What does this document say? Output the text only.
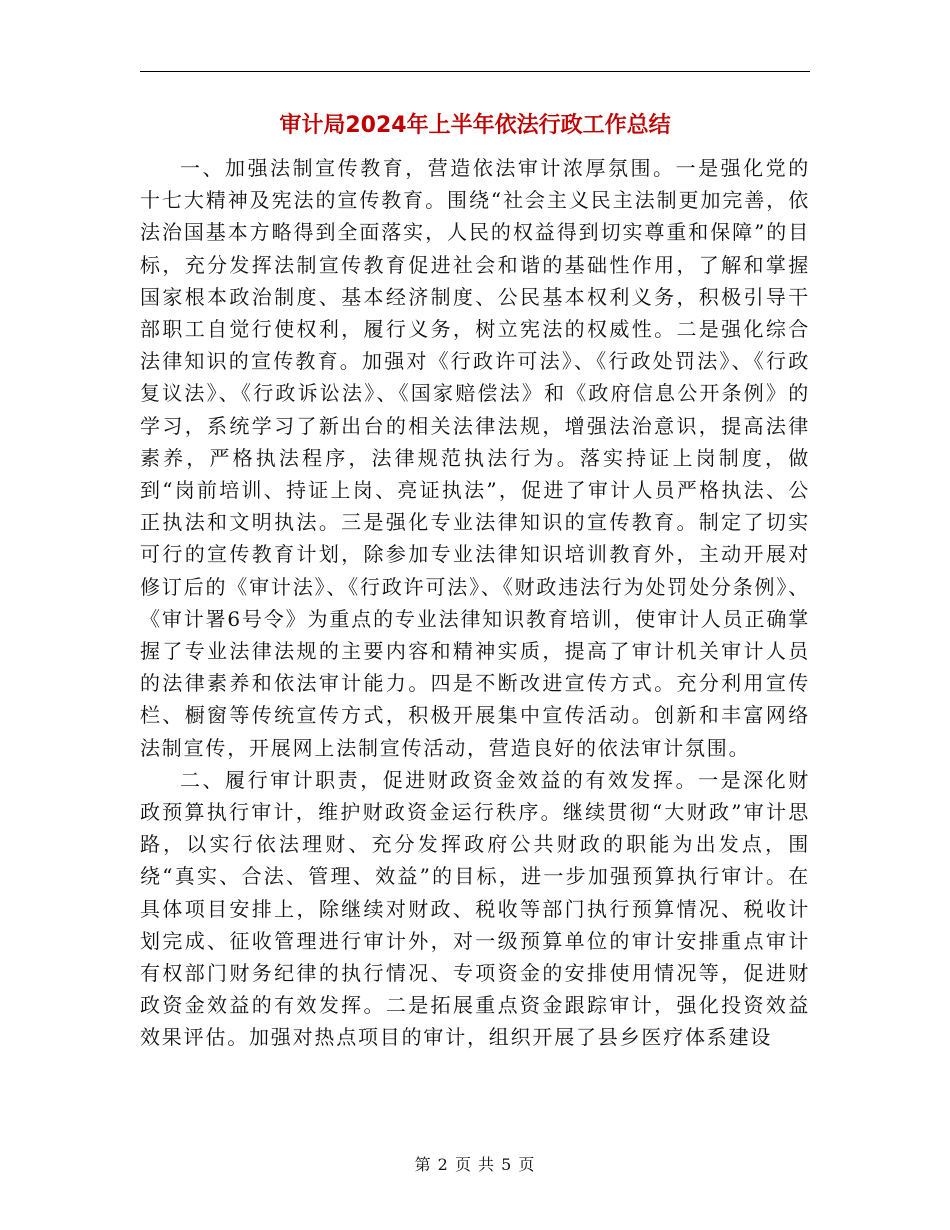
审计局2024年上半年依法行政工作总结

一、加强法制宣传教育，营造依法审计浓厚氛围。一是强化党的十七大精神及宪法的宣传教育。围绕“社会主义民主法制更加完善，依法治国基本方略得到全面落实，人民的权益得到切实尊重和保障”的目标，充分发挥法制宣传教育促进社会和谐的基础性作用，了解和掌握国家根本政治制度、基本经济制度、公民基本权利义务，积极引导干部职工自觉行使权利，履行义务，树立宪法的权威性。二是强化综合法律知识的宣传教育。加强对《行政许可法》、《行政处罚法》、《行政复议法》、《行政诉讼法》、《国家赔偿法》和《政府信息公开条例》的学习，系统学习了新出台的相关法律法规，增强法治意识，提高法律素养，严格执法程序，法律规范执法行为。落实持证上岗制度，做到“岗前培训、持证上岗、亮证执法”，促进了审计人员严格执法、公正执法和文明执法。三是强化专业法律知识的宣传教育。制定了切实可行的宣传教育计划，除参加专业法律知识培训教育外，主动开展对修订后的《审计法》、《行政许可法》、《财政违法行为处罚处分条例》、《审计署6号令》为重点的专业法律知识教育培训，使审计人员正确掌握了专业法律法规的主要内容和精神实质，提高了审计机关审计人员的法律素养和依法审计能力。四是不断改进宣传方式。充分利用宣传栏、橱窗等传统宣传方式，积极开展集中宣传活动。创新和丰富网络法制宣传，开展网上法制宣传活动，营造良好的依法审计氛围。

二、履行审计职责，促进财政资金效益的有效发挥。一是深化财政预算执行审计，维护财政资金运行秩序。继续贯彻“大财政”审计思路，以实行依法理财、充分发挥政府公共财政的职能为出发点，围绕“真实、合法、管理、效益”的目标，进一步加强预算执行审计。在具体项目安排上，除继续对财政、税收等部门执行预算情况、税收计划完成、征收管理进行审计外，对一级预算单位的审计安排重点审计有权部门财务纪律的执行情况、专项资金的安排使用情况等，促进财政资金效益的有效发挥。二是拓展重点资金跟踪审计，强化投资效益效果评估。加强对热点项目的审计，组织开展了县乡医疗体系建设

第 2 页 共 5 页
